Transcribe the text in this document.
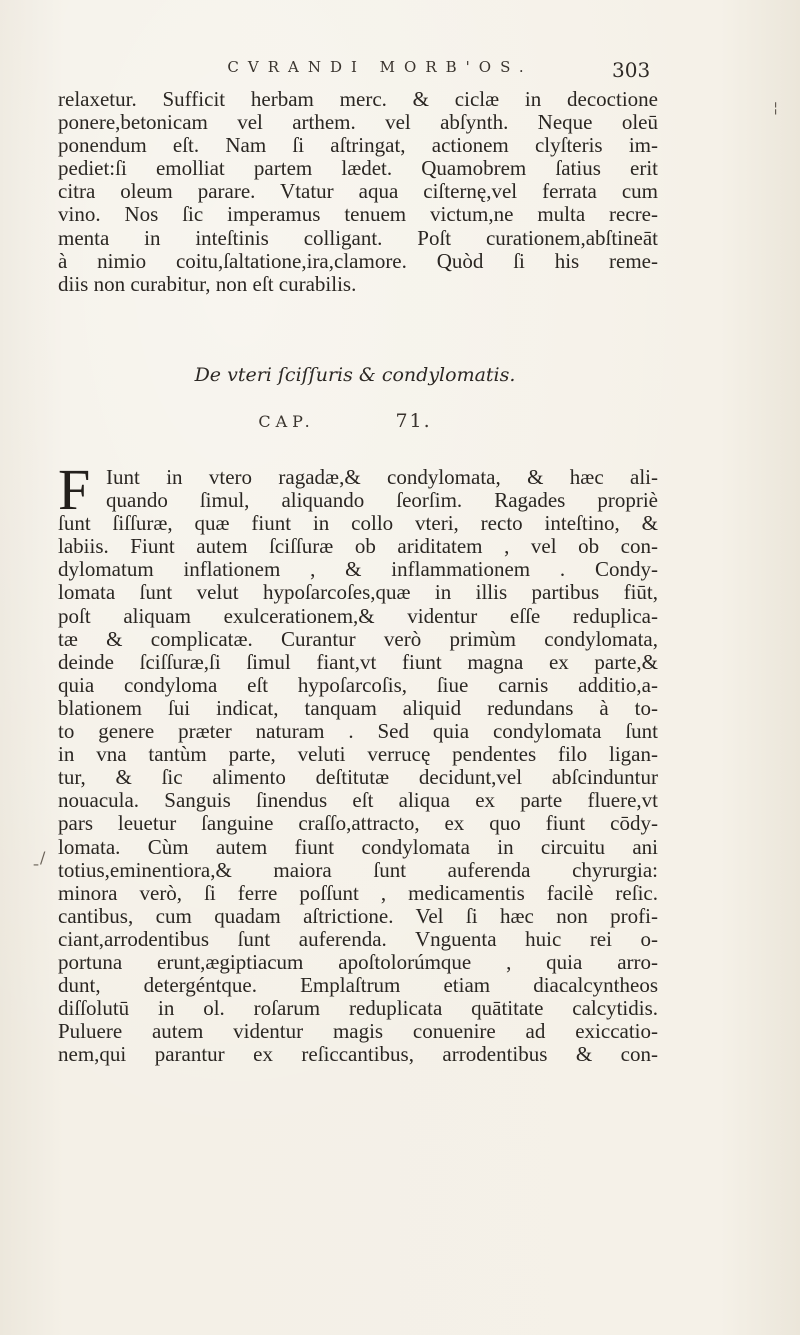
CVRANDI MORB'OS.	303
¦
relaxetur. Sufficit herbam merc. & ciclæ in decoctione
ponere,betonicam vel arthem. vel abſynth. Neque oleū
ponendum eſt. Nam ſi aſtringat, actionem clyſteris im-
pediet:ſi emolliat partem lædet. Quamobrem ſatius erit
citra oleum parare. Vtatur aqua ciſternę,vel ferrata cum
vino. Nos ſic imperamus tenuem victum,ne multa recre-
menta in inteſtinis colligant. Poſt curationem,abſtineāt
à nimio coitu,ſaltatione,ira,clamore. Quòd ſi his reme-
diis non curabitur, non eſt curabilis.
De vteri ſciſſuris & condylomatis.
CAP.	71.
F Iunt in vtero ragadæ,& condylomata, & hæc ali-
quando ſimul, aliquando ſeorſim. Ragades propriè
ſunt ſiſſuræ, quæ fiunt in collo vteri, recto inteſtino, &
labiis. Fiunt autem ſciſſuræ ob ariditatem , vel ob con-
dylomatum inflationem , & inflammationem . Condy-
lomata ſunt velut hypoſarcoſes,quæ in illis partibus fiūt,
poſt aliquam exulcerationem,& videntur eſſe reduplica-
tæ & complicatæ. Curantur verò primùm condylomata,
deinde ſciſſuræ,ſi ſimul fiant,vt fiunt magna ex parte,&
quia condyloma eſt hypoſarcoſis, ſiue carnis additio,a-
blationem ſui indicat, tanquam aliquid redundans à to-
to genere præter naturam . Sed quia condylomata ſunt
in vna tantùm parte, veluti verrucę pendentes filo ligan-
tur, & ſic alimento deſtitutæ decidunt,vel abſcinduntur
nouacula. Sanguis ſinendus eſt aliqua ex parte fluere,vt
pars leuetur ſanguine craſſo,attracto, ex quo fiunt cōdy-
lomata. Cùm autem fiunt condylomata in circuitu ani
totius,eminentiora,& maiora ſunt auferenda chyrurgia:
minora verò, ſi ferre poſſunt , medicamentis facilè reſic.
cantibus, cum quadam aſtrictione. Vel ſi hæc non profi-
ciant,arrodentibus ſunt auferenda. Vnguenta huic rei o-
portuna erunt,ægiptiacum apoſtolorúmque , quia arro-
dunt, detergéntque. Emplaſtrum etiam diacalcyntheos
diſſolutū in ol. roſarum reduplicata quātitate calcytidis.
Puluere autem videntur magis conuenire ad exiccatio-
nem,qui parantur ex reſiccantibus, arrodentibus & con-
ˍ/
